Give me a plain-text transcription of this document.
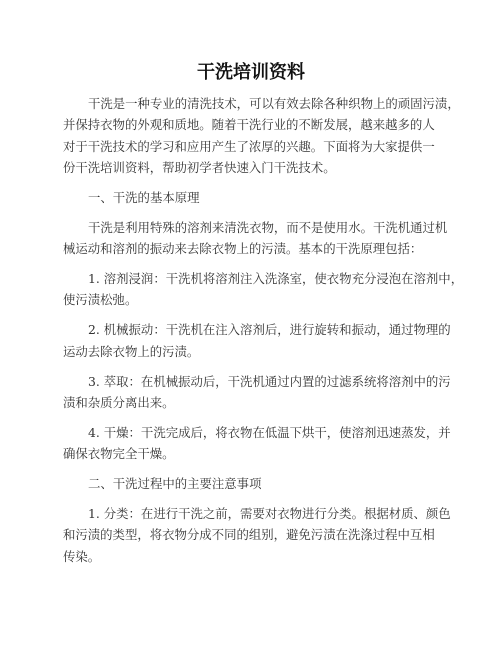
干洗培训资料
干洗是一种专业的清洗技术，可以有效去除各种织物上的顽固污渍，
并保持衣物的外观和质地。随着干洗行业的不断发展，越来越多的人
对于干洗技术的学习和应用产生了浓厚的兴趣。下面将为大家提供一
份干洗培训资料，帮助初学者快速入门干洗技术。
一、干洗的基本原理
干洗是利用特殊的溶剂来清洗衣物，而不是使用水。干洗机通过机
械运动和溶剂的振动来去除衣物上的污渍。基本的干洗原理包括：
1. 溶剂浸润：干洗机将溶剂注入洗涤室，使衣物充分浸泡在溶剂中，
使污渍松弛。
2. 机械振动：干洗机在注入溶剂后，进行旋转和振动，通过物理的
运动去除衣物上的污渍。
3. 萃取：在机械振动后，干洗机通过内置的过滤系统将溶剂中的污
渍和杂质分离出来。
4. 干燥：干洗完成后，将衣物在低温下烘干，使溶剂迅速蒸发，并
确保衣物完全干燥。
二、干洗过程中的主要注意事项
1. 分类：在进行干洗之前，需要对衣物进行分类。根据材质、颜色
和污渍的类型，将衣物分成不同的组别，避免污渍在洗涤过程中互相
传染。
